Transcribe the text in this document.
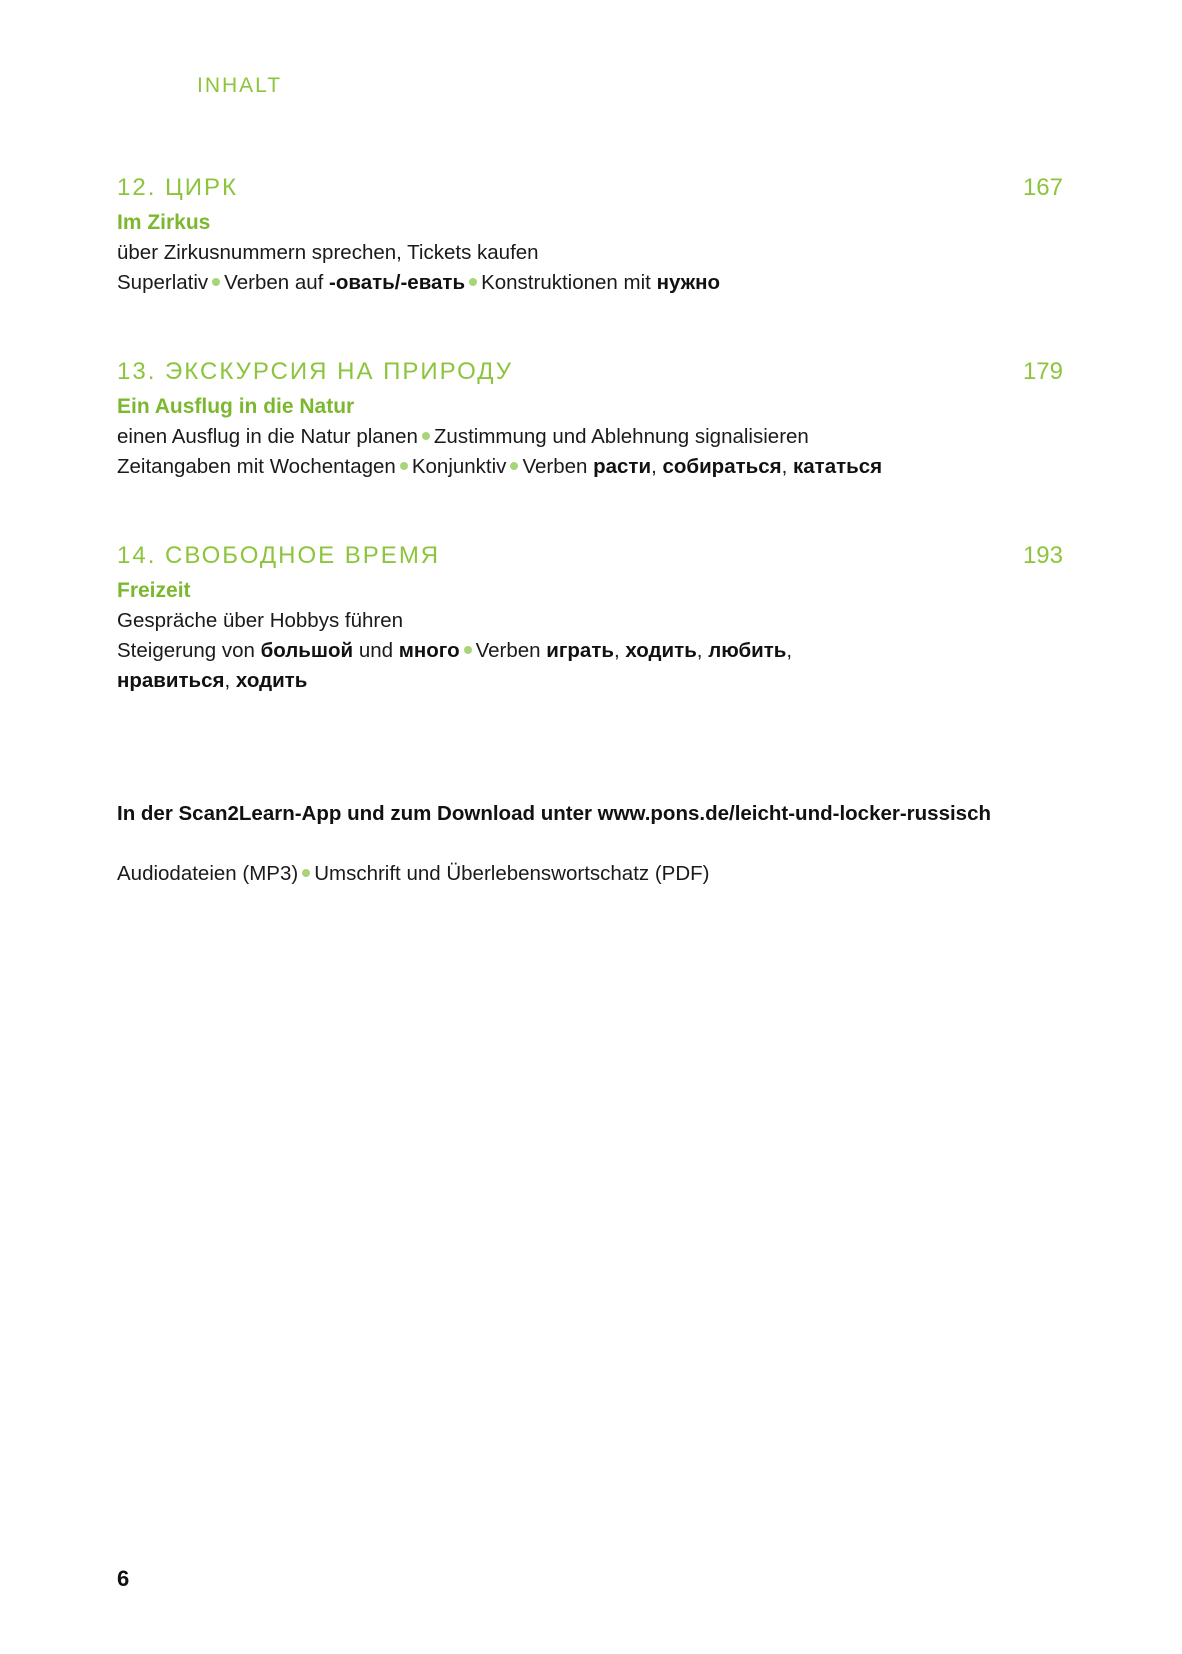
INHALT
12. ЦИРК	167
Im Zirkus
über Zirkusnummern sprechen, Tickets kaufen
Superlativ Verben auf -овать/-евать Konstruktionen mit нужно
13. ЭКСКУРСИЯ НА ПРИРОДУ	179
Ein Ausflug in die Natur
einen Ausflug in die Natur planen Zustimmung und Ablehnung signalisieren
Zeitangaben mit Wochentagen Konjunktiv Verben расти, собираться, кататься
14. СВОБОДНОЕ ВРЕМЯ	193
Freizeit
Gespräche über Hobbys führen
Steigerung von большой und много Verben играть, ходить, любить,
нравиться, ходить
In der Scan2Learn-App und zum Download unter www.pons.de/leicht-und-locker-russisch
Audiodateien (MP3) Umschrift und Überlebenswortschatz (PDF)
6
